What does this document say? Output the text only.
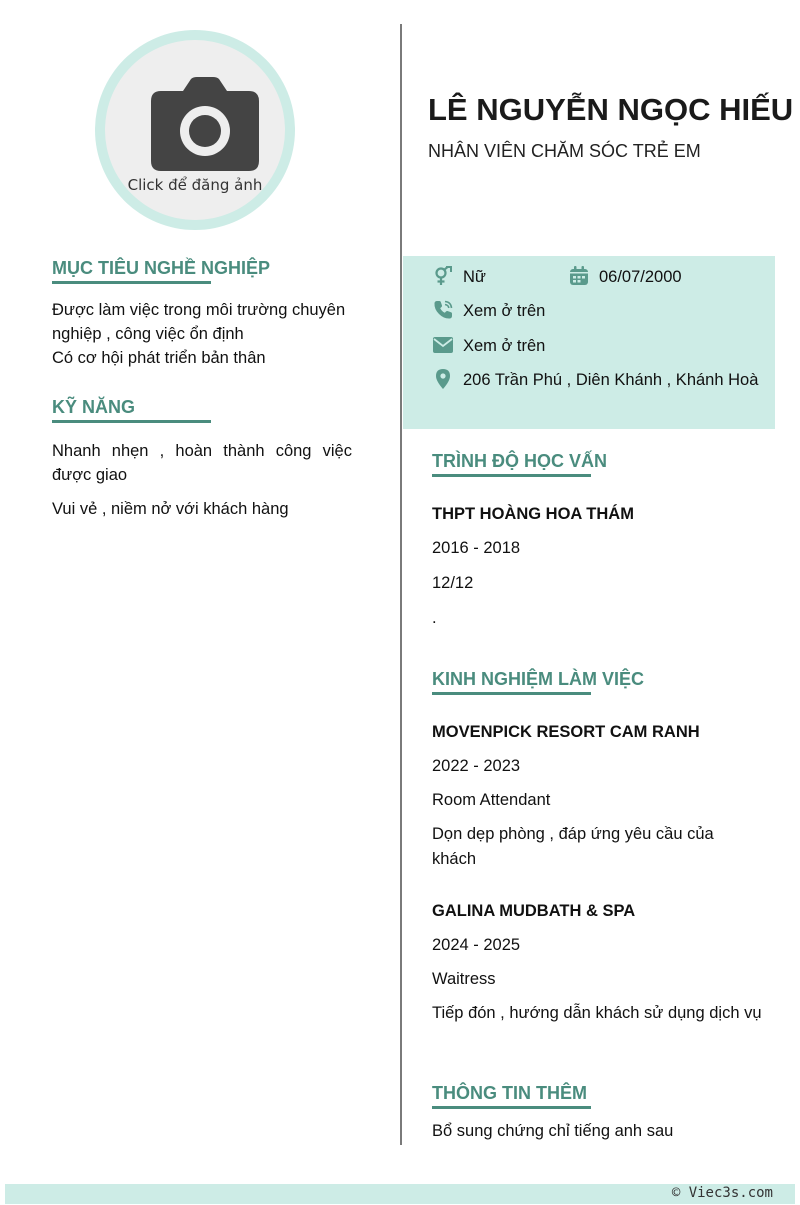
Click để đăng ảnh
MỤC TIÊU NGHỀ NGHIỆP
Được làm việc trong môi trường chuyên nghiệp , công việc ổn định
Có cơ hội phát triển bản thân
KỸ NĂNG
Nhanh nhẹn , hoàn thành công việc được giao
Vui vẻ , niềm nở với khách hàng
LÊ NGUYỄN NGỌC HIẾU
NHÂN VIÊN CHĂM SÓC TRẺ EM
Nữ	06/07/2000
Xem ở trên
Xem ở trên
206 Trần Phú , Diên Khánh , Khánh Hoà
TRÌNH ĐỘ HỌC VẤN
THPT HOÀNG HOA THÁM
2016 - 2018
12/12
.
KINH NGHIỆM LÀM VIỆC
MOVENPICK RESORT CAM RANH
2022 - 2023
Room Attendant
Dọn dẹp phòng , đáp ứng yêu cầu của khách
GALINA MUDBATH & SPA
2024 - 2025
Waitress
Tiếp đón , hướng dẫn khách sử dụng dịch vụ
THÔNG TIN THÊM
Bổ sung chứng chỉ tiếng anh sau
© Viec3s.com
